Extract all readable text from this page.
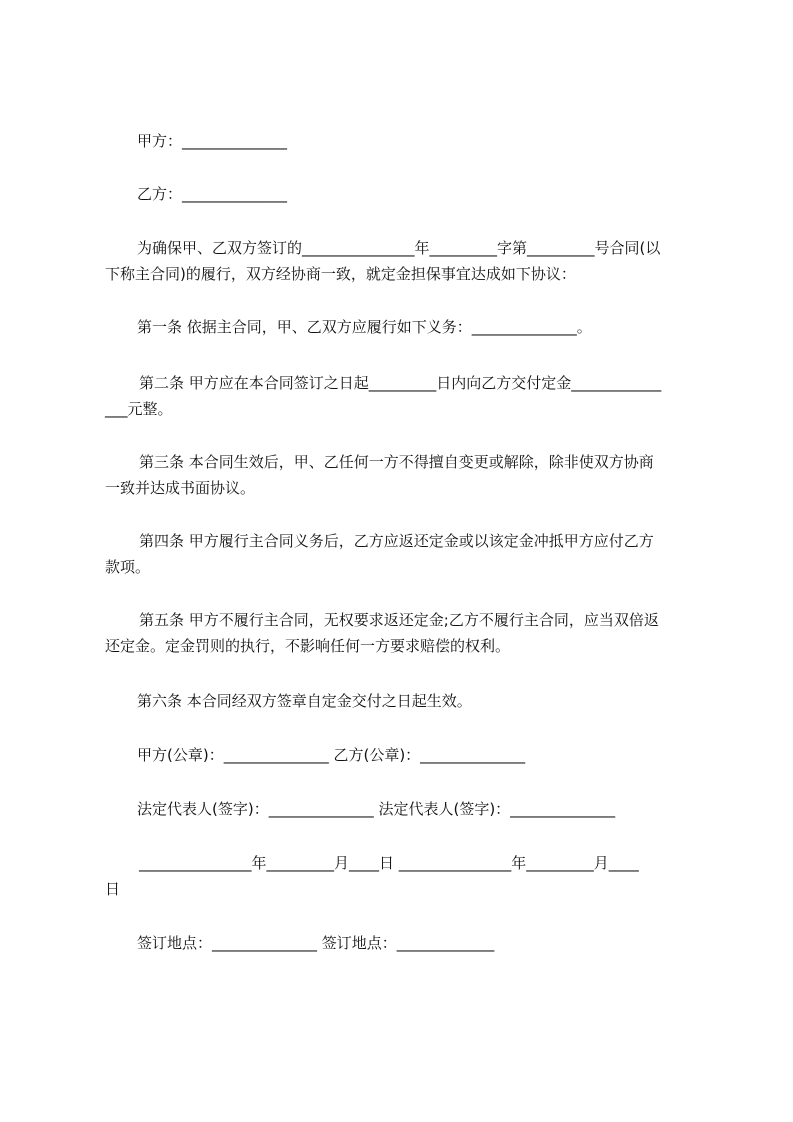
甲方：______________
乙方：______________
为确保甲、乙双方签订的_______________年_________字第_________号合同(以
下称主合同)的履行，双方经协商一致，就定金担保事宜达成如下协议：
第一条 依据主合同，甲、乙双方应履行如下义务：______________。
第二条 甲方应在本合同签订之日起_________日内向乙方交付定金____________
___元整。
第三条 本合同生效后，甲、乙任何一方不得擅自变更或解除，除非使双方协商
一致并达成书面协议。
第四条 甲方履行主合同义务后，乙方应返还定金或以该定金冲抵甲方应付乙方
款项。
第五条 甲方不履行主合同，无权要求返还定金;乙方不履行主合同，应当双倍返
还定金。定金罚则的执行，不影响任何一方要求赔偿的权利。
第六条 本合同经双方签章自定金交付之日起生效。
甲方(公章)：______________ 乙方(公章)：______________
法定代表人(签字)：______________ 法定代表人(签字)：______________
_______________年_________月____日 _______________年_________月____
日
签订地点：______________ 签订地点：_____________
